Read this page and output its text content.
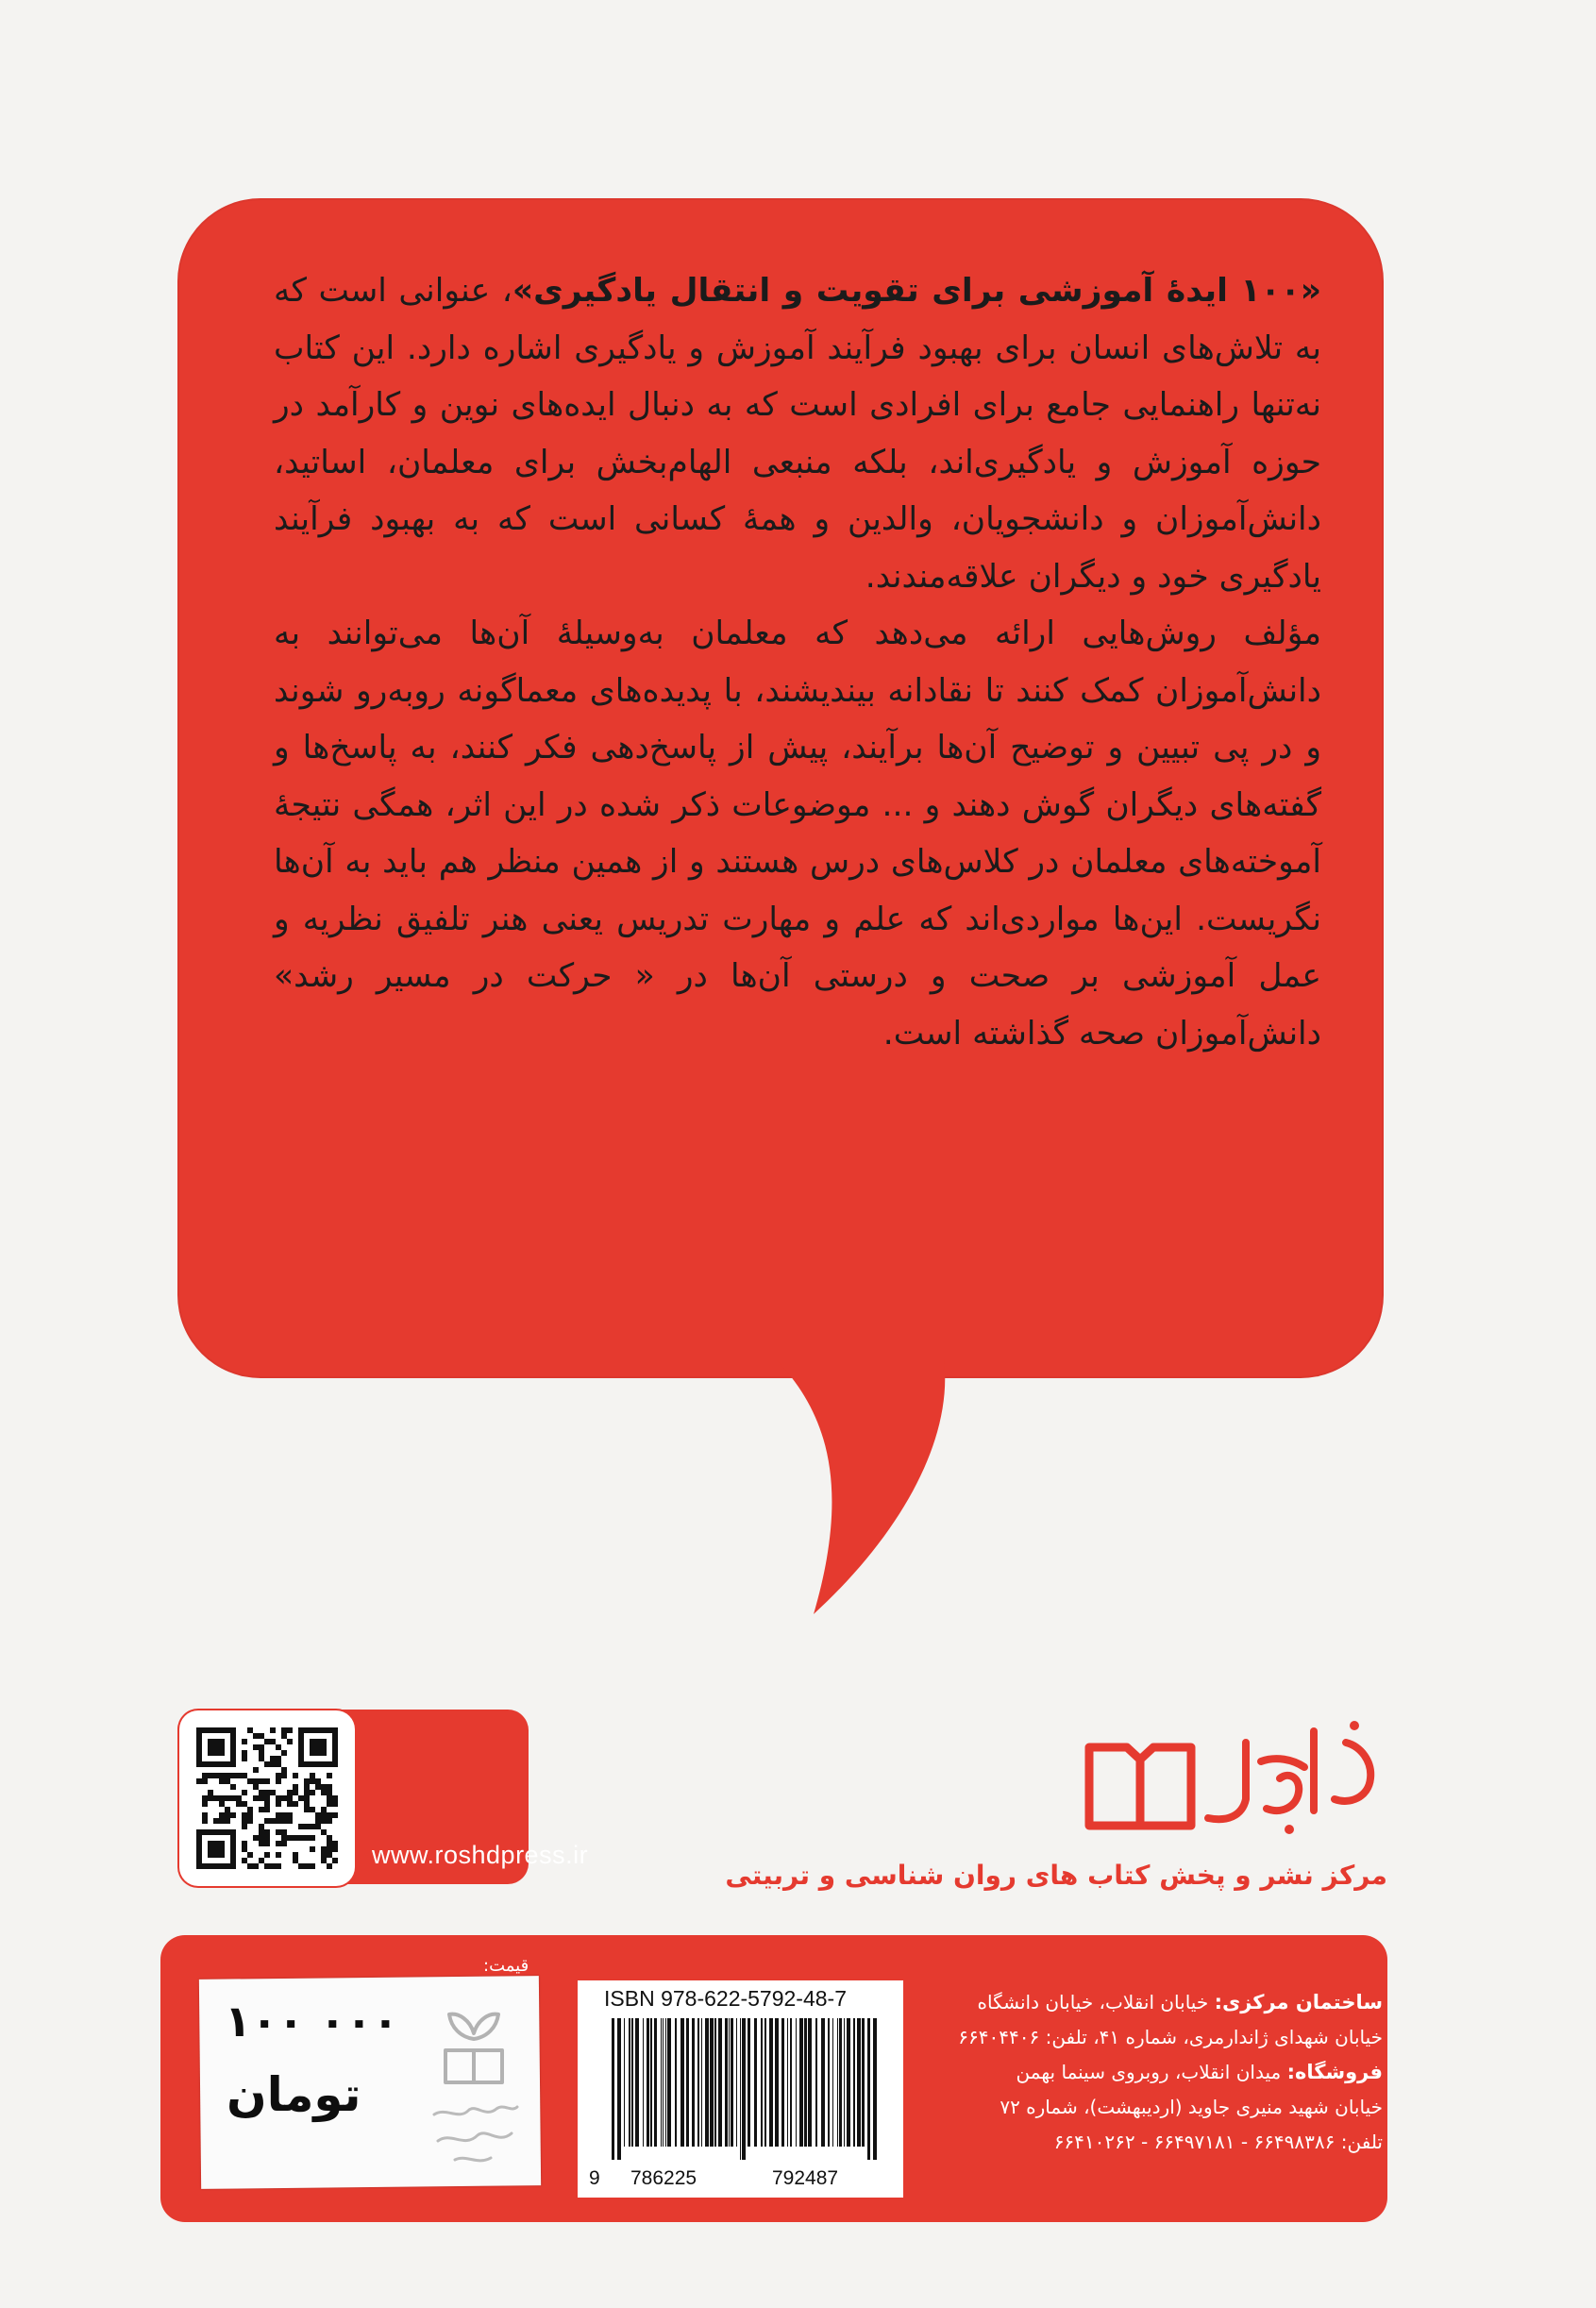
«۱۰۰ ایدهٔ آموزشی برای تقویت و انتقال یادگیری»، عنوانی است که به تلاش‌های انسان برای بهبود فرآیند آموزش و یادگیری اشاره دارد. این کتاب نه‌تنها راهنمایی جامع برای افرادی است که به دنبال ایده‌های نوین و کارآمد در حوزه آموزش و یادگیری‌اند، بلکه منبعی الهام‌بخش برای معلمان، اساتید، دانش‌آموزان و دانشجویان، والدین و همهٔ کسانی است که به بهبود فرآیند یادگیری خود و دیگران علاقه‌مندند.

مؤلف روش‌هایی ارائه می‌دهد که معلمان به‌وسیلهٔ آن‌ها می‌توانند به دانش‌آموزان کمک کنند تا نقادانه بیندیشند، با پدیده‌های معماگونه روبه‌رو شوند و در پی تبیین و توضیح آن‌ها برآیند، پیش از پاسخ‌دهی فکر کنند، به پاسخ‌ها و گفته‌های دیگران گوش دهند و ... موضوعات ذکر شده در این اثر، همگی نتیجهٔ آموخته‌های معلمان در کلاس‌های درس هستند و از همین منظر هم باید به آن‌ها نگریست. این‌ها مواردی‌اند که علم و مهارت تدریس یعنی هنر تلفیق نظریه و عمل آموزشی بر صحت و درستی آن‌ها در « حرکت در مسیر رشد» دانش‌آموزان صحه گذاشته است.

www.roshdpress.ir
مرکز نشر و پخش کتاب های روان شناسی و تربیتی
ساختمان مرکزی: خیابان انقلاب، خیابان دانشگاه
خیابان شهدای ژاندارمری، شماره ۴۱، تلفن: ۶۶۴۰۴۴۰۶
فروشگاه: میدان انقلاب، روبروی سینما بهمن
خیابان شهید منیری جاوید (اردیبهشت)، شماره ۷۲
تلفن: ۶۶۴۹۸۳۸۶ - ۶۶۴۹۷۱۸۱ - ۶۶۴۱۰۲۶۲
ISBN 978-622-5792-48-7
9 786225	792487
قیمت:
۱۰۰ ۰۰۰
تومان
